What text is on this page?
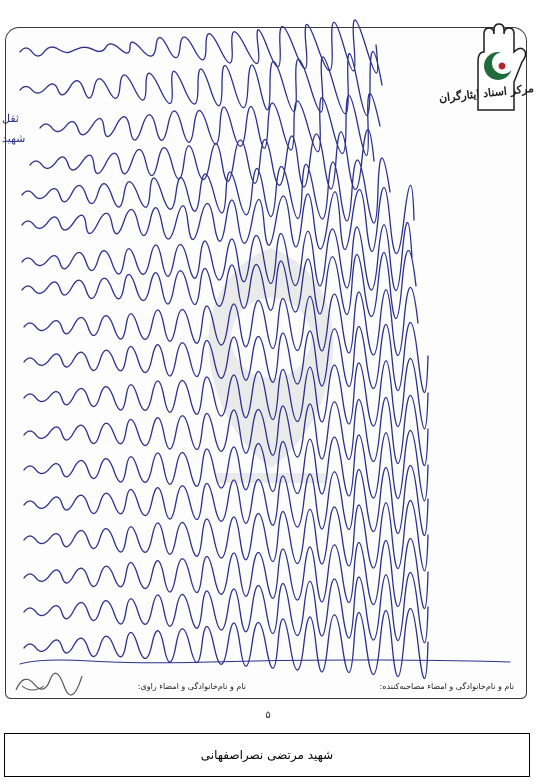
ثقل
شهید
مرکز اسناد ایثارگران
نام و نام‌خانوادگی و امضاء مصاحبه‌کننده:
نام و نام‌خانوادگی و امضاء راوی:
۵
شهید مرتضی نصراصفهانی
